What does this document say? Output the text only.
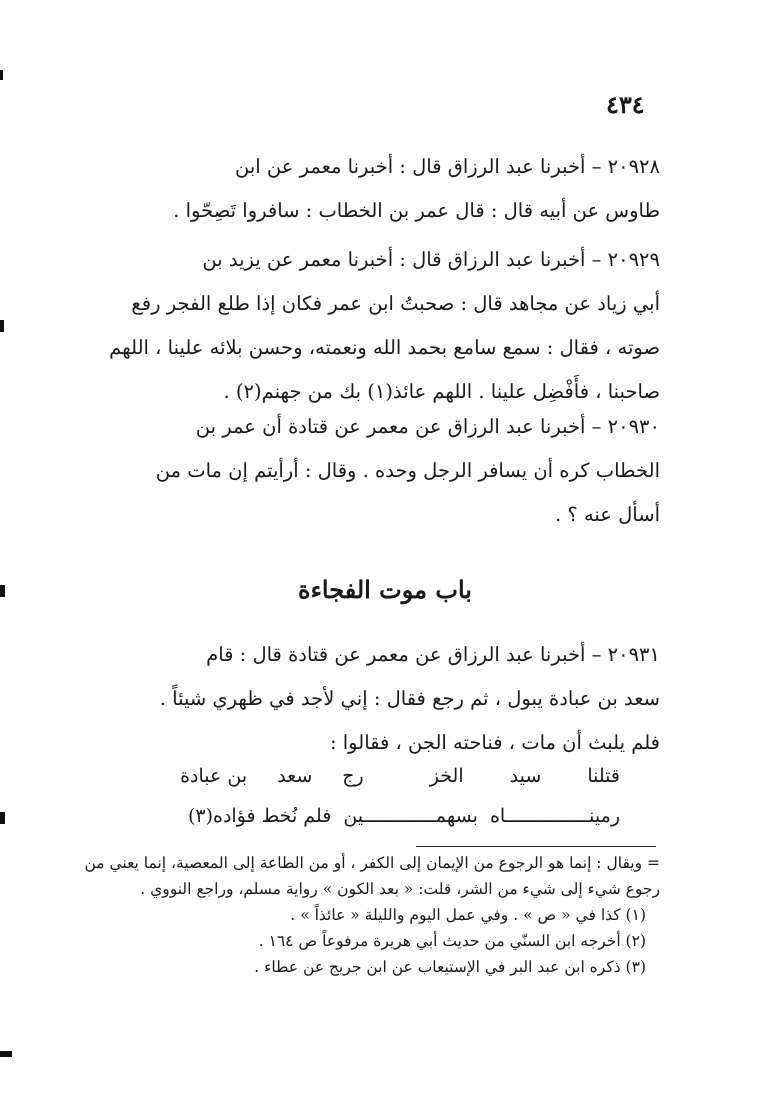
٤٣٤
٢٠٩٢٨ – أخبرنا عبد الرزاق قال : أخبرنا معمر عن ابن
طاوس عن أبيه قال : قال عمر بن الخطاب : سافروا تَصِحّوا .
٢٠٩٢٩ – أخبرنا عبد الرزاق قال : أخبرنا معمر عن يزيد بن
أبي زياد عن مجاهد قال : صحبتُ ابن عمر فكان إذا طلع الفجر رفع
صوته ، فقال : سمع سامع بحمد الله ونعمته، وحسن بلائه علينا ، اللهم
صاحبنا ، فأَفْضِل علينا . اللهم عائذ(١) بك من جهنم(٢) .
٢٠٩٣٠ – أخبرنا عبد الرزاق عن معمر عن قتادة أن عمر بن
الخطاب كره أن يسافر الرجل وحده . وقال : أرأيتم إن مات من
أسأل عنه ؟ .
باب موت الفجاءة
٢٠٩٣١ – أخبرنا عبد الرزاق عن معمر عن قتادة قال : قام
سعد بن عبادة يبول ، ثم رجع فقال : إني لأجد في ظهري شيئاً .
فلم يلبث أن مات ، فناحته الجن ، فقالوا :
قتلنا سيد الخز رج سعد بن عبادة
رمينـــــــــــــــاه بسهمـــــــــــــين فلم نُخط فؤاده(٣)
= ويقال : إنما هو الرجوع من الإيمان إلى الكفر ، أو من الطاعة إلى المعصية، إنما يعني من
رجوع شيء إلى شيء من الشر، قلت: « بعد الكون » رواية مسلم، وراجع النووي .
(١) كذا في « ص » . وفي عمل اليوم والليلة « عائذاً » .
(٢) أخرجه ابن السنّي من حديث أبي هريرة مرفوعاً ص ١٦٤ .
(٣) ذكره ابن عبد البر في الإستيعاب عن ابن جريج عن عطاء .
